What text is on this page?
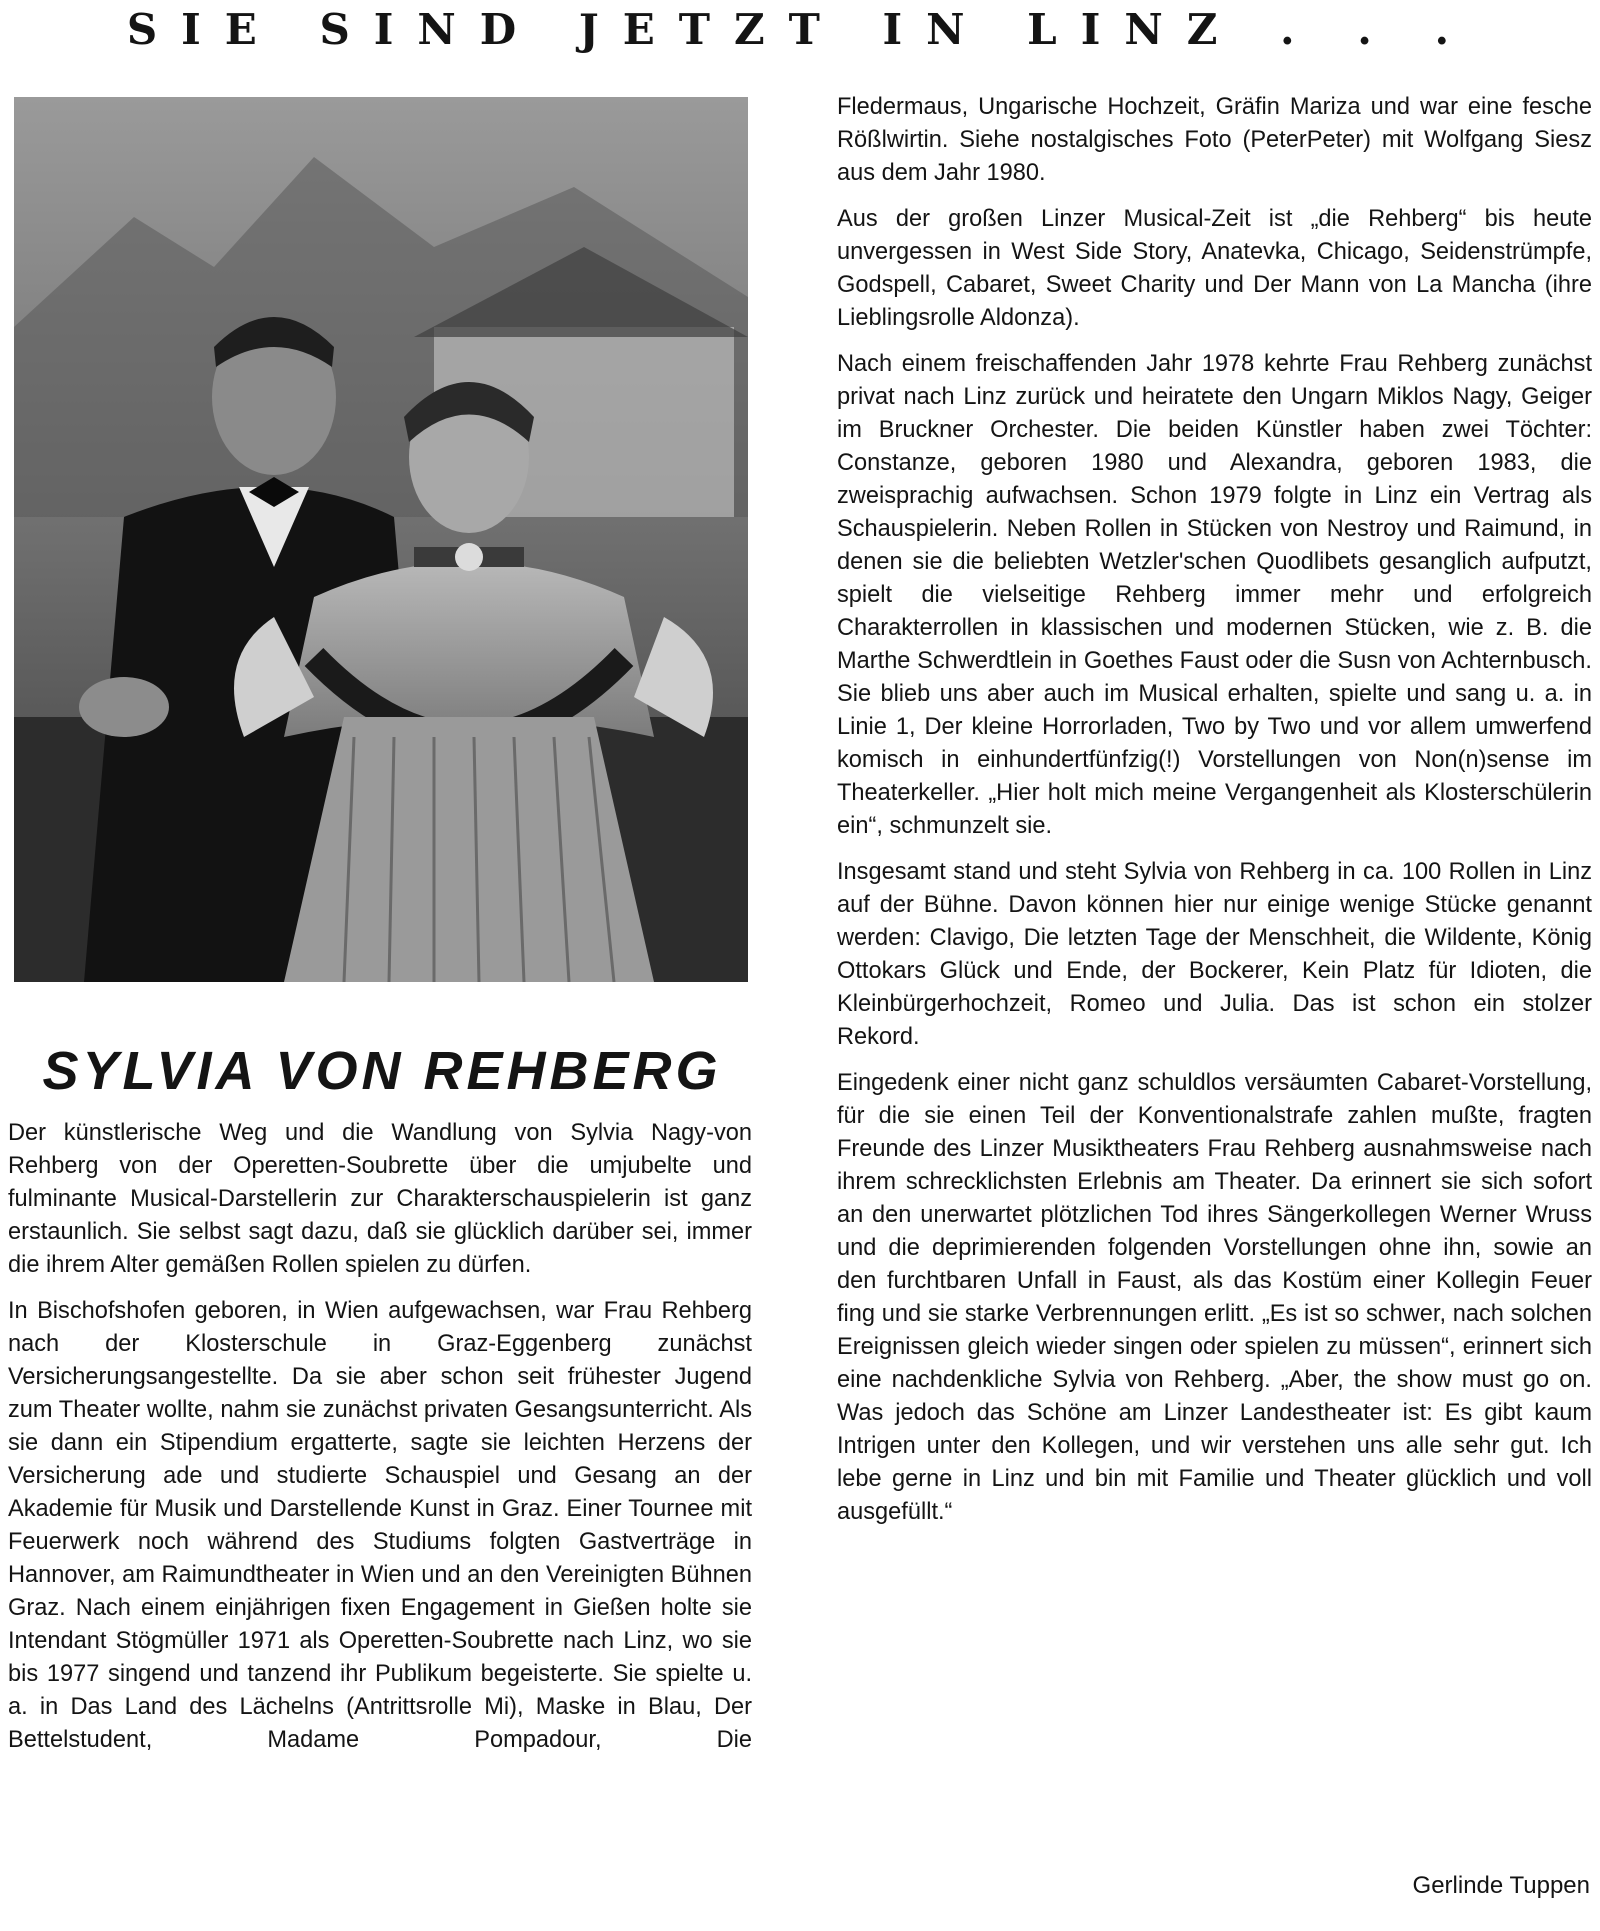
SIE SIND JETZT IN LINZ . . .
SYLVIA VON REHBERG

Der künstlerische Weg und die Wandlung von Sylvia Nagy-von Rehberg von der Operetten-Soubrette über die umjubelte und fulminante Musical-Darstellerin zur Charakterschauspielerin ist ganz erstaunlich. Sie selbst sagt dazu, daß sie glücklich darüber sei, immer die ihrem Alter gemäßen Rollen spielen zu dürfen.

In Bischofshofen geboren, in Wien aufgewachsen, war Frau Rehberg nach der Klosterschule in Graz-Eggenberg zunächst Versicherungsangestellte. Da sie aber schon seit frühester Jugend zum Theater wollte, nahm sie zunächst privaten Gesangsunterricht. Als sie dann ein Stipendium ergatterte, sagte sie leichten Herzens der Versicherung ade und studierte Schauspiel und Gesang an der Akademie für Musik und Darstellende Kunst in Graz. Einer Tournee mit Feuerwerk noch während des Studiums folgten Gastverträge in Hannover, am Raimundtheater in Wien und an den Vereinigten Bühnen Graz. Nach einem einjährigen fixen Engagement in Gießen holte sie Intendant Stögmüller 1971 als Operetten-Soubrette nach Linz, wo sie bis 1977 singend und tanzend ihr Publikum begeisterte. Sie spielte u. a. in Das Land des Lächelns (Antrittsrolle Mi), Maske in Blau, Der Bettelstudent, Madame Pompadour, Die

Fledermaus, Ungarische Hochzeit, Gräfin Mariza und war eine fesche Rößlwirtin. Siehe nostalgisches Foto (PeterPeter) mit Wolfgang Siesz aus dem Jahr 1980.

Aus der großen Linzer Musical-Zeit ist „die Rehberg“ bis heute unvergessen in West Side Story, Anatevka, Chicago, Seidenstrümpfe, Godspell, Cabaret, Sweet Charity und Der Mann von La Mancha (ihre Lieblingsrolle Aldonza).

Nach einem freischaffenden Jahr 1978 kehrte Frau Rehberg zunächst privat nach Linz zurück und heiratete den Ungarn Miklos Nagy, Geiger im Bruckner Orchester. Die beiden Künstler haben zwei Töchter: Constanze, geboren 1980 und Alexandra, geboren 1983, die zweisprachig aufwachsen. Schon 1979 folgte in Linz ein Vertrag als Schauspielerin. Neben Rollen in Stücken von Nestroy und Raimund, in denen sie die beliebten Wetzler'schen Quodlibets gesanglich aufputzt, spielt die vielseitige Rehberg immer mehr und erfolgreich Charakterrollen in klassischen und modernen Stücken, wie z. B. die Marthe Schwerdtlein in Goethes Faust oder die Susn von Achternbusch. Sie blieb uns aber auch im Musical erhalten, spielte und sang u. a. in Linie 1, Der kleine Horrorladen, Two by Two und vor allem umwerfend komisch in einhundertfünfzig(!) Vorstellungen von Non(n)sense im Theaterkeller. „Hier holt mich meine Vergangenheit als Klosterschülerin ein“, schmunzelt sie.

Insgesamt stand und steht Sylvia von Rehberg in ca. 100 Rollen in Linz auf der Bühne. Davon können hier nur einige wenige Stücke genannt werden: Clavigo, Die letzten Tage der Menschheit, die Wildente, König Ottokars Glück und Ende, der Bockerer, Kein Platz für Idioten, die Kleinbürgerhochzeit, Romeo und Julia. Das ist schon ein stolzer Rekord.

Eingedenk einer nicht ganz schuldlos versäumten Cabaret-Vorstellung, für die sie einen Teil der Konventionalstrafe zahlen mußte, fragten Freunde des Linzer Musiktheaters Frau Rehberg ausnahmsweise nach ihrem schrecklichsten Erlebnis am Theater. Da erinnert sie sich sofort an den unerwartet plötzlichen Tod ihres Sängerkollegen Werner Wruss und die deprimierenden folgenden Vorstellungen ohne ihn, sowie an den furchtbaren Unfall in Faust, als das Kostüm einer Kollegin Feuer fing und sie starke Verbrennungen erlitt. „Es ist so schwer, nach solchen Ereignissen gleich wieder singen oder spielen zu müssen“, erinnert sich eine nachdenkliche Sylvia von Rehberg. „Aber, the show must go on. Was jedoch das Schöne am Linzer Landestheater ist: Es gibt kaum Intrigen unter den Kollegen, und wir verstehen uns alle sehr gut. Ich lebe gerne in Linz und bin mit Familie und Theater glücklich und voll ausgefüllt.“

Gerlinde Tuppen
